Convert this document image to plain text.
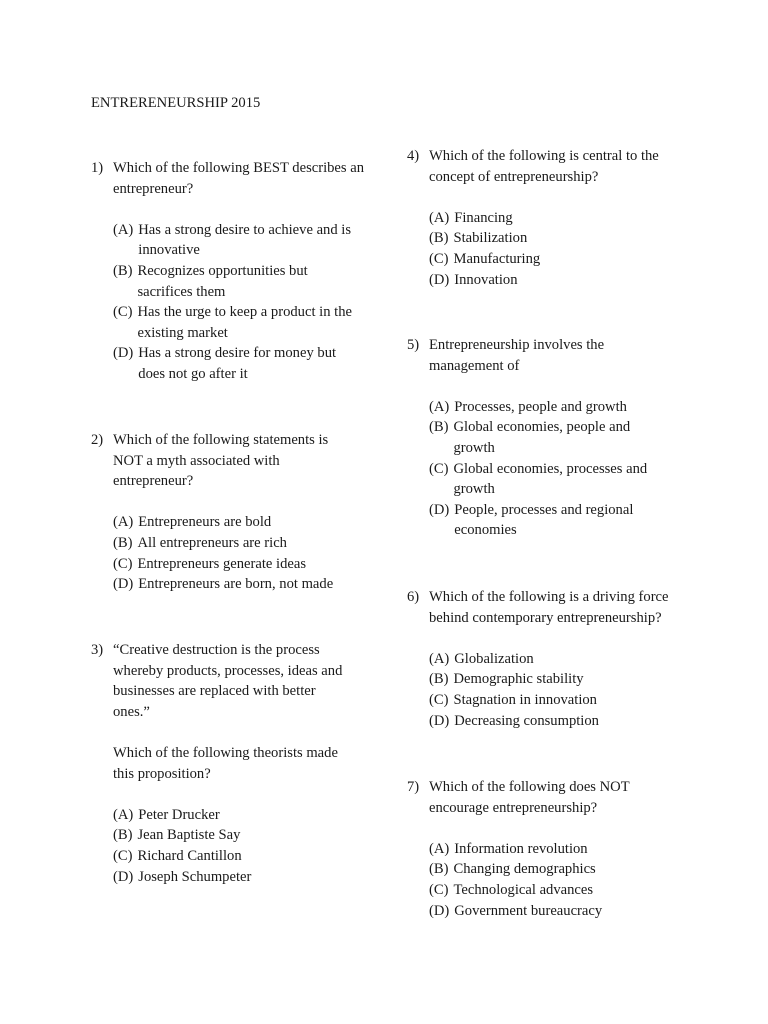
ENTRERENEURSHIP 2015
1) Which of the following BEST describes an entrepreneur?

(A) Has a strong desire to achieve and is innovative
(B) Recognizes opportunities but sacrifices them
(C) Has the urge to keep a product in the existing market
(D) Has a strong desire for money but does not go after it
2) Which of the following statements is NOT a myth associated with entrepreneur?

(A) Entrepreneurs are bold
(B) All entrepreneurs are rich
(C) Entrepreneurs generate ideas
(D) Entrepreneurs are born, not made
3) “Creative destruction is the process whereby products, processes, ideas and businesses are replaced with better ones.”

Which of the following theorists made this proposition?

(A) Peter Drucker
(B) Jean Baptiste Say
(C) Richard Cantillon
(D) Joseph Schumpeter
4) Which of the following is central to the concept of entrepreneurship?

(A) Financing
(B) Stabilization
(C) Manufacturing
(D) Innovation
5) Entrepreneurship involves the management of

(A) Processes, people and growth
(B) Global economies, people and growth
(C) Global economies, processes and growth
(D) People, processes and regional economies
6) Which of the following is a driving force behind contemporary entrepreneurship?

(A) Globalization
(B) Demographic stability
(C) Stagnation in innovation
(D) Decreasing consumption
7) Which of the following does NOT encourage entrepreneurship?

(A) Information revolution
(B) Changing demographics
(C) Technological advances
(D) Government bureaucracy
